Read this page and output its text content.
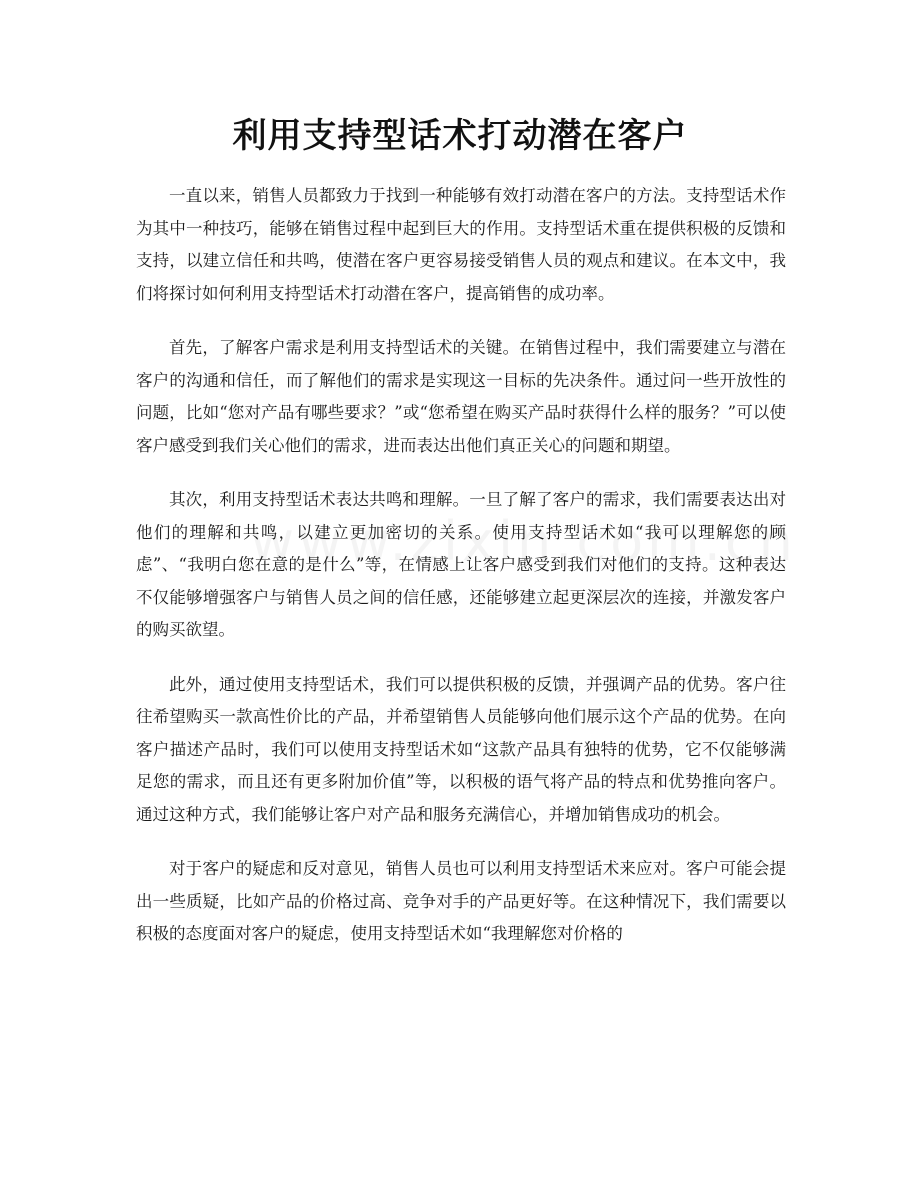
利用支持型话术打动潜在客户

一直以来，销售人员都致力于找到一种能够有效打动潜在客户的方法。支持型话术作为其中一种技巧，能够在销售过程中起到巨大的作用。支持型话术重在提供积极的反馈和支持，以建立信任和共鸣，使潜在客户更容易接受销售人员的观点和建议。在本文中，我们将探讨如何利用支持型话术打动潜在客户，提高销售的成功率。

首先，了解客户需求是利用支持型话术的关键。在销售过程中，我们需要建立与潜在客户的沟通和信任，而了解他们的需求是实现这一目标的先决条件。通过问一些开放性的问题，比如“您对产品有哪些要求？”或“您希望在购买产品时获得什么样的服务？”可以使客户感受到我们关心他们的需求，进而表达出他们真正关心的问题和期望。

其次，利用支持型话术表达共鸣和理解。一旦了解了客户的需求，我们需要表达出对他们的理解和共鸣，以建立更加密切的关系。使用支持型话术如“我可以理解您的顾虑”、“我明白您在意的是什么”等，在情感上让客户感受到我们对他们的支持。这种表达不仅能够增强客户与销售人员之间的信任感，还能够建立起更深层次的连接，并激发客户的购买欲望。

此外，通过使用支持型话术，我们可以提供积极的反馈，并强调产品的优势。客户往往希望购买一款高性价比的产品，并希望销售人员能够向他们展示这个产品的优势。在向客户描述产品时，我们可以使用支持型话术如“这款产品具有独特的优势，它不仅能够满足您的需求，而且还有更多附加价值”等，以积极的语气将产品的特点和优势推向客户。通过这种方式，我们能够让客户对产品和服务充满信心，并增加销售成功的机会。

对于客户的疑虑和反对意见，销售人员也可以利用支持型话术来应对。客户可能会提出一些质疑，比如产品的价格过高、竞争对手的产品更好等。在这种情况下，我们需要以积极的态度面对客户的疑虑，使用支持型话术如“我理解您对价格的
